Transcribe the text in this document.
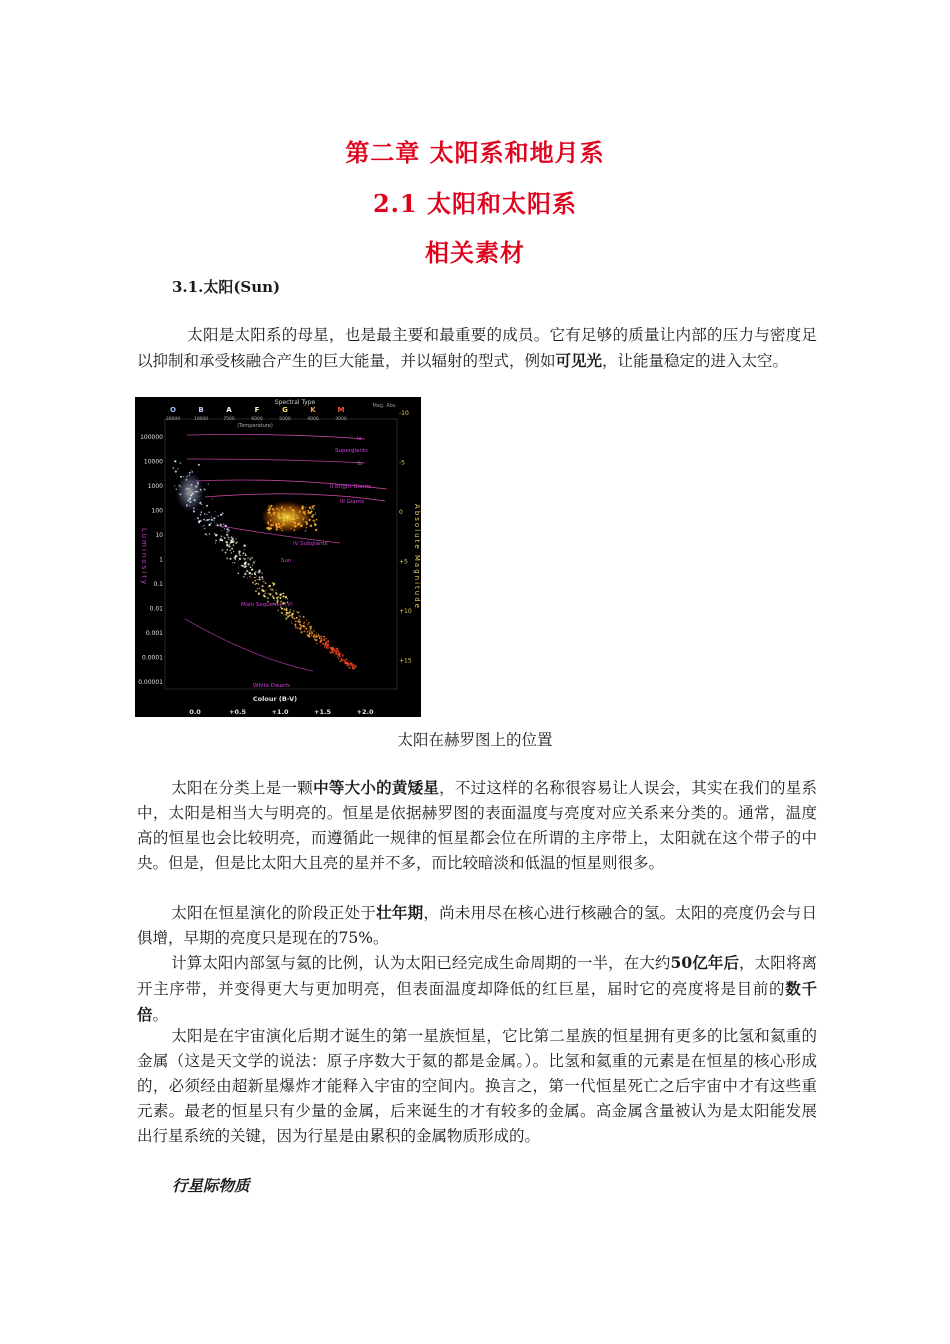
第二章 太阳系和地月系
2.1 太阳和太阳系
相关素材
3.1.太阳(Sun)

太阳是太阳系的母星，也是最主要和最重要的成员。它有足够的质量让内部的压力与密度足以抑制和承受核融合产生的巨大能量，并以辐射的型式，例如可见光，让能量稳定的进入太空。

Spectral Type	Mag. Abs.
O	B	A	F	G	K	M
30000	10000	7500	6000	5000	4000	3000
(Temperature)
100000
10000
1000
100
10
1
0.1
0.01
0.001
0.0001
0.00001
-10
-5
0
+5
+10
+15
Luminosity	Absolute Magnitude
Colour (B-V)
0.0	+0.5	+1.0	+1.5	+2.0
Ia
Supergiants
Ib
II Bright Giants
III Giants
IV Subgiants
Sun
Main Sequence (V)
White Dwarfs
太阳在赫罗图上的位置

太阳在分类上是一颗中等大小的黄矮星，不过这样的名称很容易让人误会，其实在我们的星系中，太阳是相当大与明亮的。恒星是依据赫罗图的表面温度与亮度对应关系来分类的。通常，温度高的恒星也会比较明亮，而遵循此一规律的恒星都会位在所谓的主序带上，太阳就在这个带子的中央。但是，但是比太阳大且亮的星并不多，而比较暗淡和低温的恒星则很多。

太阳在恒星演化的阶段正处于壮年期，尚未用尽在核心进行核融合的氢。太阳的亮度仍会与日俱增，早期的亮度只是现在的75%。

计算太阳内部氢与氦的比例，认为太阳已经完成生命周期的一半，在大约50亿年后，太阳将离开主序带，并变得更大与更加明亮，但表面温度却降低的红巨星，届时它的亮度将是目前的数千倍。

太阳是在宇宙演化后期才诞生的第一星族恒星，它比第二星族的恒星拥有更多的比氢和氦重的金属（这是天文学的说法：原子序数大于氦的都是金属。）。比氢和氦重的元素是在恒星的核心形成的，必须经由超新星爆炸才能释入宇宙的空间内。换言之，第一代恒星死亡之后宇宙中才有这些重元素。最老的恒星只有少量的金属，后来诞生的才有较多的金属。高金属含量被认为是太阳能发展出行星系统的关键，因为行星是由累积的金属物质形成的。

行星际物质
